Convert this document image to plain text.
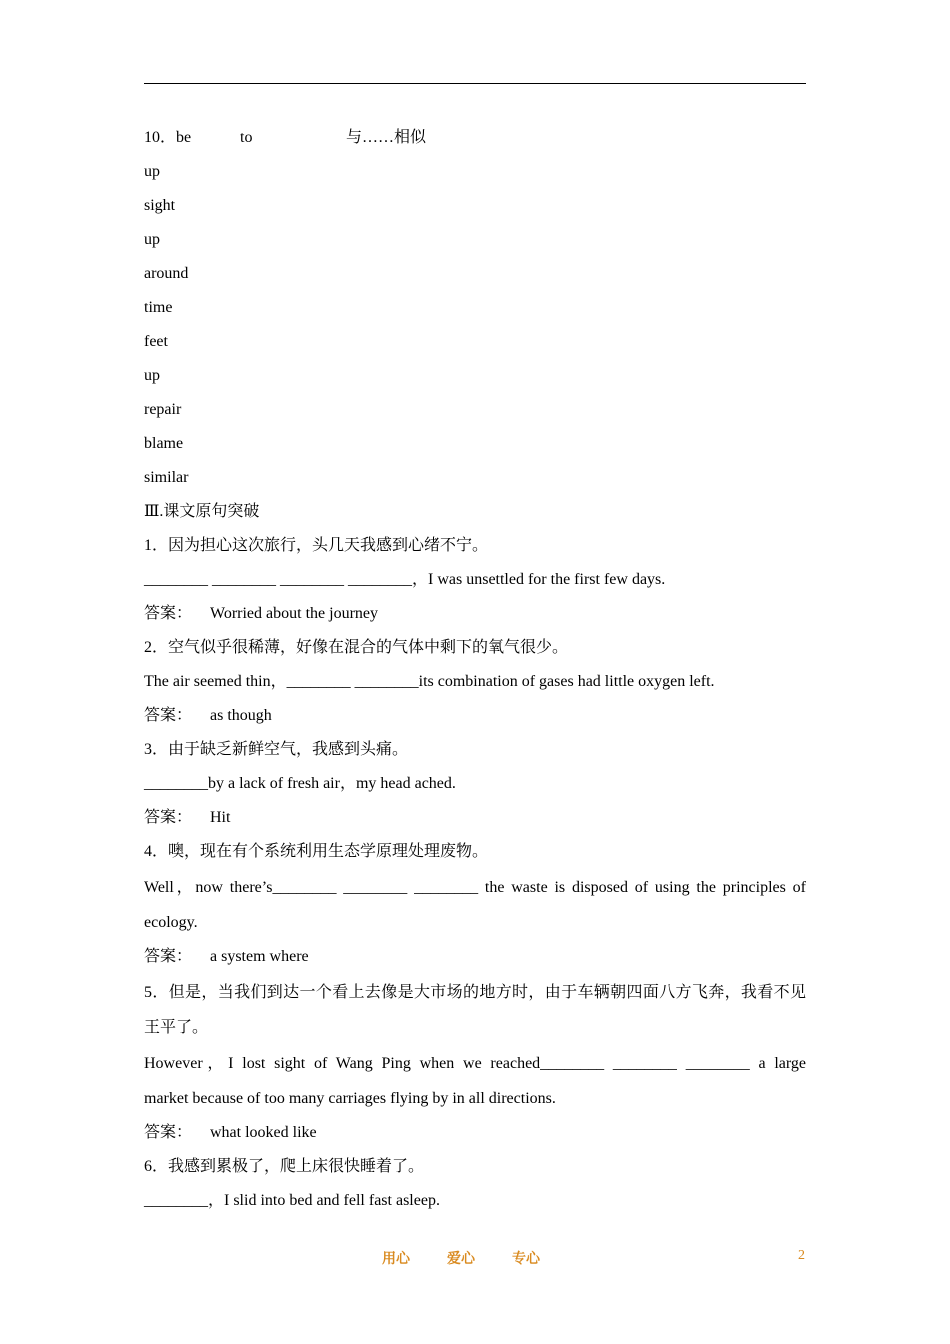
10．be	to	与……相似
up
sight
up
around
time
feet
up
repair
blame
similar
Ⅲ.课文原句突破
1．因为担心这次旅行，头几天我感到心绪不宁。
________ ________ ________ ________，I was unsettled for the first few days.
答案： Worried about the journey
2．空气似乎很稀薄，好像在混合的气体中剩下的氧气很少。
The air seemed thin，________ ________its combination of gases had little oxygen left.
答案： as though
3．由于缺乏新鲜空气，我感到头痛。
________by a lack of fresh air，my head ached.
答案： Hit
4．噢，现在有个系统利用生态学原理处理废物。
Well，now there’s________ ________ ________ the waste is disposed of using the principles of
ecology.
答案： a system where
5．但是，当我们到达一个看上去像是大市场的地方时，由于车辆朝四面八方飞奔，我看不见
王平了。
However，I lost sight of Wang Ping when we reached________ ________ ________ a large
market because of too many carriages flying by in all directions.
答案： what looked like
6．我感到累极了，爬上床很快睡着了。
________，I slid into bed and fell fast asleep.
用心	爱心	专心	2
